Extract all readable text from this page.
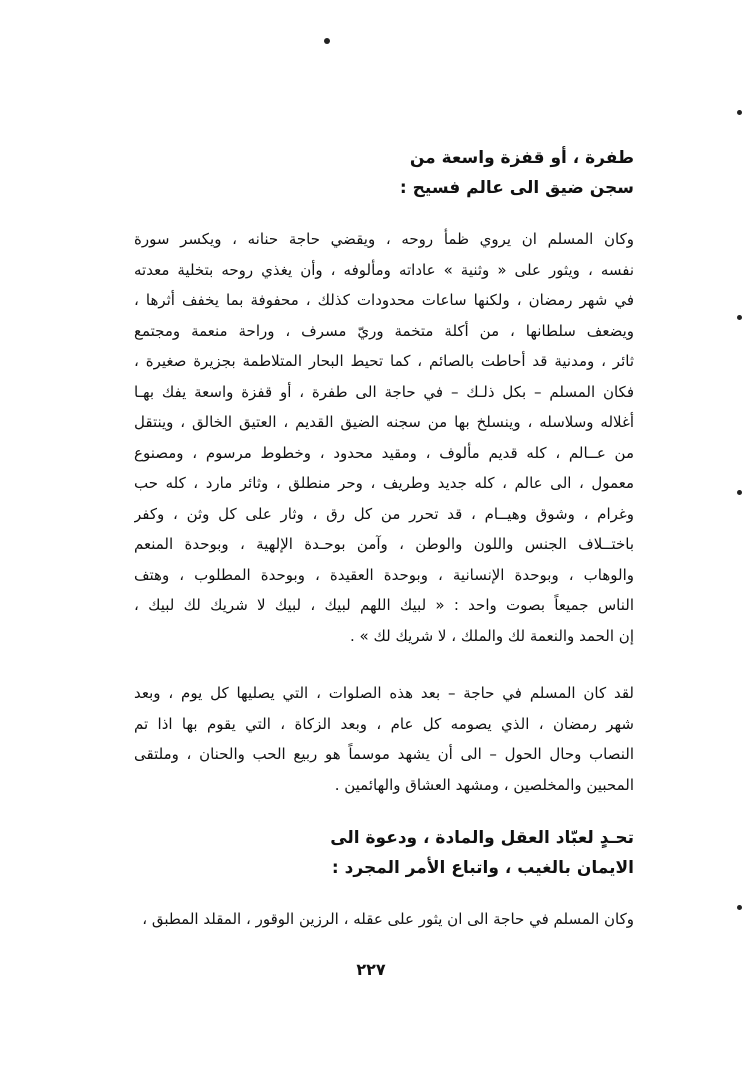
طفرة ، أو قفزة واسعة من
سجن ضيق الى عالم فسيح :
وكان المسلم ان يروي ظمأ روحه ، ويقضي حاجة حنانه ، ويكسر سورة
نفسه ، ويثور على « وثنية » عاداته ومألوفه ، وأن يغذي روحه بتخلية معدته
في شهر رمضان ، ولكنها ساعات محدودات كذلك ، محفوفة بما يخفف أثرها ،
ويضعف سلطانها ، من أكلة متخمة وريّ مسرف ، وراحة منعمة ومجتمع
ثائر ، ومدنية قد أحاطت بالصائم ، كما تحيط البحار المتلاطمة بجزيرة صغيرة ،
فكان المسلم – بكل ذلـك – في حاجة الى طفرة ، أو قفزة واسعة يفك بهـا
أغلاله وسلاسله ، وينسلخ بها من سجنه الضيق القديم ، العتيق الخالق ، وينتقل
من عــالم ، كله قديم مألوف ، ومقيد محدود ، وخطوط مرسوم ، ومصنوع
معمول ، الى عالم ، كله جديد وطريف ، وحر منطلق ، وثائر مارد ، كله حب
وغرام ، وشوق وهيــام ، قد تحرر من كل رق ، وثار على كل وثن ، وكفر
باختــلاف الجنس واللون والوطن ، وآمن بوحـدة الإلهية ، وبوحدة المنعم
والوهاب ، وبوحدة الإنسانية ، وبوحدة العقيدة ، وبوحدة المطلوب ، وهتف
الناس جميعاً بصوت واحد : « لبيك اللهم لبيك ، لبيك لا شريك لك لبيك ،
إن الحمد والنعمة لك والملك ، لا شريك لك » .
لقد كان المسلم في حاجة – بعد هذه الصلوات ، التي يصليها كل يوم ، وبعد
شهر رمضان ، الذي يصومه كل عام ، وبعد الزكاة ، التي يقوم بها اذا تم
النصاب وحال الحول – الى أن يشهد موسماً هو ربيع الحب والحنان ، وملتقى
المحبين والمخلصين ، ومشهد العشاق والهائمين .
تحـدٍ لعبّاد العقل والمادة ، ودعوة الى
الايمان بالغيب ، واتباع الأمر المجرد :
وكان المسلم في حاجة الى ان يثور على عقله ، الرزين الوقور ، المقلد المطبق ،
٢٢٧
